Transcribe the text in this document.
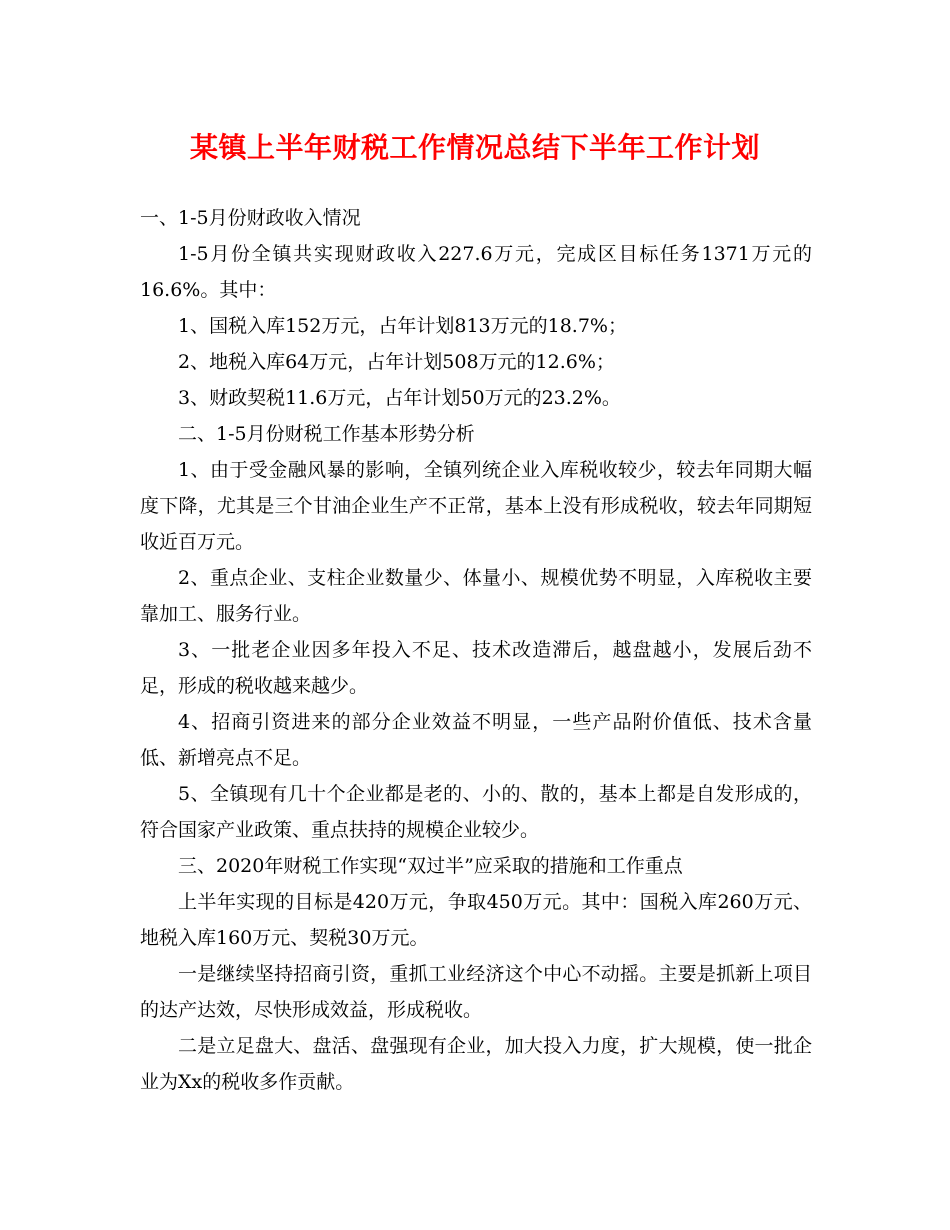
某镇上半年财税工作情况总结下半年工作计划

一、1-5月份财政收入情况

1-5月份全镇共实现财政收入227.6万元，完成区目标任务1371万元的16.6%。其中：

1、国税入库152万元，占年计划813万元的18.7%；

2、地税入库64万元，占年计划508万元的12.6%；

3、财政契税11.6万元，占年计划50万元的23.2%。

二、1-5月份财税工作基本形势分析

1、由于受金融风暴的影响，全镇列统企业入库税收较少，较去年同期大幅度下降，尤其是三个甘油企业生产不正常，基本上没有形成税收，较去年同期短收近百万元。

2、重点企业、支柱企业数量少、体量小、规模优势不明显，入库税收主要靠加工、服务行业。

3、一批老企业因多年投入不足、技术改造滞后，越盘越小，发展后劲不足，形成的税收越来越少。

4、招商引资进来的部分企业效益不明显，一些产品附价值低、技术含量低、新增亮点不足。

5、全镇现有几十个企业都是老的、小的、散的，基本上都是自发形成的，符合国家产业政策、重点扶持的规模企业较少。

三、2020年财税工作实现“双过半”应采取的措施和工作重点

上半年实现的目标是420万元，争取450万元。其中：国税入库260万元、地税入库160万元、契税30万元。

一是继续坚持招商引资，重抓工业经济这个中心不动摇。主要是抓新上项目的达产达效，尽快形成效益，形成税收。

二是立足盘大、盘活、盘强现有企业，加大投入力度，扩大规模，使一批企业为Xx的税收多作贡献。
